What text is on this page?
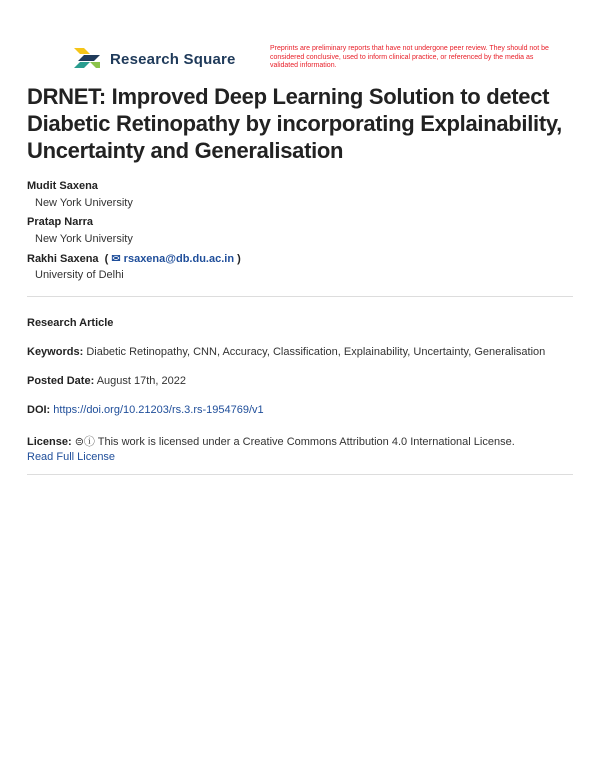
Research Square
Preprints are preliminary reports that have not undergone peer review. They should not be considered conclusive, used to inform clinical practice, or referenced by the media as validated information.
DRNET: Improved Deep Learning Solution to detect Diabetic Retinopathy by incorporating Explainability, Uncertainty and Generalisation
Mudit Saxena
New York University
Pratap Narra
New York University
Rakhi Saxena  ( ✉ rsaxena@db.du.ac.in )
University of Delhi
Research Article
Keywords: Diabetic Retinopathy, CNN, Accuracy, Classification, Explainability, Uncertainty, Generalisation
Posted Date: August 17th, 2022
DOI: https://doi.org/10.21203/rs.3.rs-1954769/v1
License: ⊜ⓘ This work is licensed under a Creative Commons Attribution 4.0 International License.
Read Full License
